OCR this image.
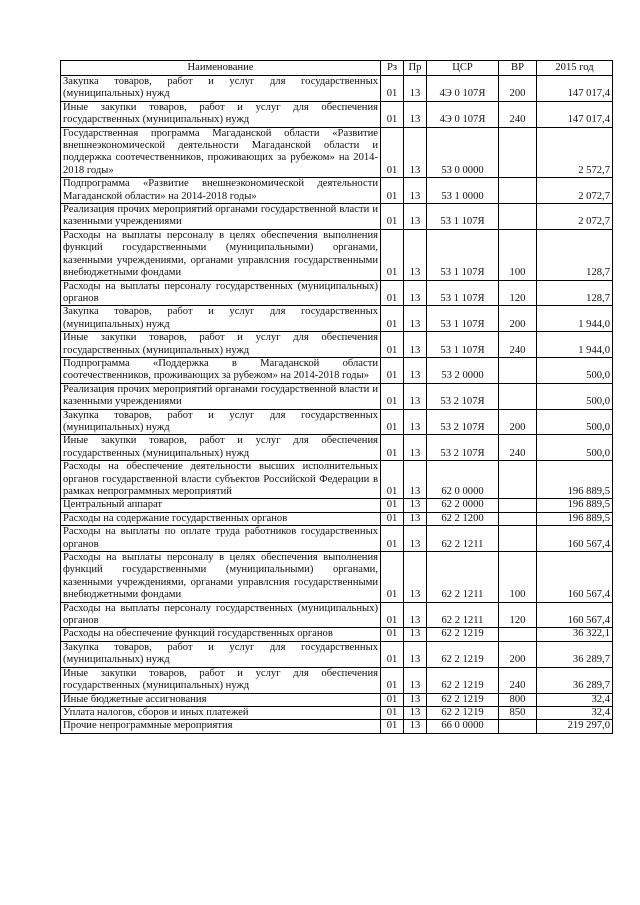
Наименование	Рз	Пр	ЦСР	ВР	2015 год
Закупка товаров, работ и услуг для государственных (муниципальных) нужд	01	13	4Э 0 107Я	200	147 017,4
Иные закупки товаров, работ и услуг для обеспечения государственных (муниципальных) нужд	01	13	4Э 0 107Я	240	147 017,4
Государственная программа Магаданской области «Развитие внешнеэкономической деятельности Магаданской области и поддержка соотечественников, проживающих за рубежом» на 2014-2018 годы»	01	13	53 0 0000		2 572,7
Подпрограмма «Развитие внешнеэкономической деятельности Магаданской области» на 2014-2018 годы»	01	13	53 1 0000		2 072,7
Реализация прочих мероприятий органами государственной власти и казенными учреждениями	01	13	53 1 107Я		2 072,7
Расходы на выплаты персоналу в целях обеспечения выполнения функций государственными (муниципальными) органами, казенными учреждениями, органами управлсния государственными внебюджетными фондами	01	13	53 1 107Я	100	128,7
Расходы на выплаты персоналу государственных (муниципальных) органов	01	13	53 1 107Я	120	128,7
Закупка товаров, работ и услуг для государственных (муниципальных) нужд	01	13	53 1 107Я	200	1 944,0
Иные закупки товаров, работ и услуг для обеспечения государственных (муниципальных) нужд	01	13	53 1 107Я	240	1 944,0
Подпрограмма «Поддержка в Магаданской области соотечественников, проживающих за рубежом» на 2014-2018 годы»	01	13	53 2 0000		500,0
Реализация прочих мероприятий органами государственной власти и казенными учреждениями	01	13	53 2 107Я		500,0
Закупка товаров, работ и услуг для государственных (муниципальных) нужд	01	13	53 2 107Я	200	500,0
Иные закупки товаров, работ и услуг для обеспечения государственных (муниципальных) нужд	01	13	53 2 107Я	240	500,0
Расходы на обеспечение деятельности высших исполнительных органов государственной власти субъектов Российской Федерации в рамках непрограммных мероприятий	01	13	62 0 0000		196 889,5
Центральный аппарат	01	13	62 2 0000		196 889,5
Расходы на содержание государственных органов	01	13	62 2 1200		196 889,5
Расходы на выплаты по оплате труда работников государственных органов	01	13	62 2 1211		160 567,4
Расходы на выплаты персоналу в целях обеспечения выполнения функций государственными (муниципальными) органами, казенными учреждениями, органами управлсния государственными внебюджетными фондами	01	13	62 2 1211	100	160 567,4
Расходы на выплаты персоналу государственных (муниципальных) органов	01	13	62 2 1211	120	160 567,4
Расходы на обеспечение функций государственных органов	01	13	62 2 1219		36 322,1
Закупка товаров, работ и услуг для государственных (муниципальных) нужд	01	13	62 2 1219	200	36 289,7
Иные закупки товаров, работ и услуг для обеспечения государственных (муниципальных) нужд	01	13	62 2 1219	240	36 289,7
Иные бюджетные ассигнования	01	13	62 2 1219	800	32,4
Уплата налогов, сборов и иных платежей	01	13	62 2 1219	850	32,4
Прочие непрограммные мероприятия	01	13	66 0 0000		219 297,0
